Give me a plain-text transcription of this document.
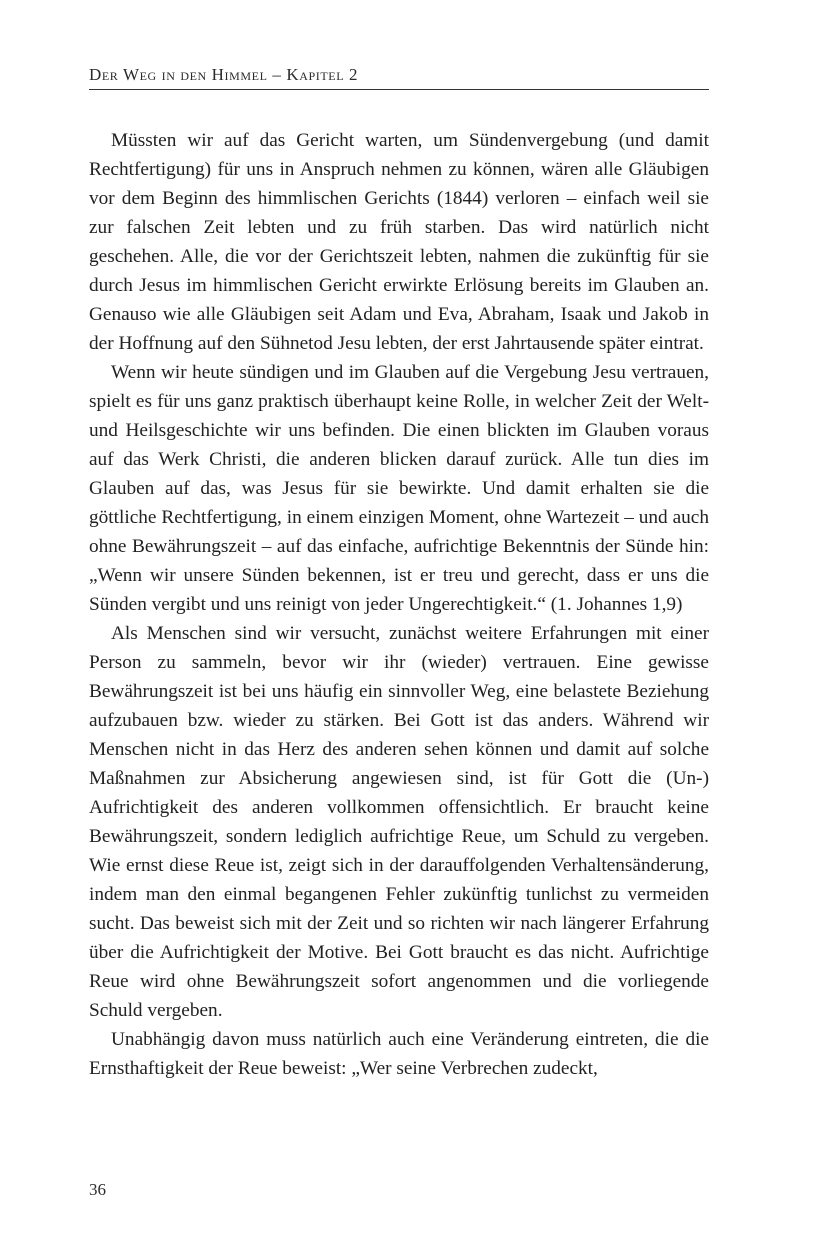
Der Weg in den Himmel – Kapitel 2

Müssten wir auf das Gericht warten, um Sündenvergebung (und damit Rechtfertigung) für uns in Anspruch nehmen zu können, wären alle Gläubigen vor dem Beginn des himmlischen Gerichts (1844) verloren – einfach weil sie zur falschen Zeit lebten und zu früh starben. Das wird natürlich nicht geschehen. Alle, die vor der Gerichtszeit lebten, nahmen die zukünftig für sie durch Jesus im himmlischen Gericht erwirkte Erlösung bereits im Glauben an. Genauso wie alle Gläubigen seit Adam und Eva, Abraham, Isaak und Jakob in der Hoffnung auf den Sühnetod Jesu lebten, der erst Jahrtausende später eintrat.

Wenn wir heute sündigen und im Glauben auf die Vergebung Jesu vertrauen, spielt es für uns ganz praktisch überhaupt keine Rolle, in welcher Zeit der Welt- und Heilsgeschichte wir uns befinden. Die einen blickten im Glauben voraus auf das Werk Christi, die anderen blicken darauf zurück. Alle tun dies im Glauben auf das, was Jesus für sie bewirkte. Und damit erhalten sie die göttliche Rechtfertigung, in einem einzigen Moment, ohne Wartezeit – und auch ohne Bewährungszeit – auf das einfache, aufrichtige Bekenntnis der Sünde hin: „Wenn wir unsere Sünden bekennen, ist er treu und gerecht, dass er uns die Sünden vergibt und uns reinigt von jeder Ungerechtigkeit.“ (1. Johannes 1,9)

Als Menschen sind wir versucht, zunächst weitere Erfahrungen mit einer Person zu sammeln, bevor wir ihr (wieder) vertrauen. Eine gewisse Bewährungszeit ist bei uns häufig ein sinnvoller Weg, eine belastete Beziehung aufzubauen bzw. wieder zu stärken. Bei Gott ist das anders. Während wir Menschen nicht in das Herz des anderen sehen können und damit auf solche Maßnahmen zur Absicherung angewiesen sind, ist für Gott die (Un-) Aufrichtigkeit des anderen vollkommen offensichtlich. Er braucht keine Bewährungszeit, sondern lediglich aufrichtige Reue, um Schuld zu vergeben. Wie ernst diese Reue ist, zeigt sich in der darauffolgenden Verhaltensänderung, indem man den einmal begangenen Fehler zukünftig tunlichst zu vermeiden sucht. Das beweist sich mit der Zeit und so richten wir nach längerer Erfahrung über die Aufrichtigkeit der Motive. Bei Gott braucht es das nicht. Aufrichtige Reue wird ohne Bewährungszeit sofort angenommen und die vorliegende Schuld vergeben.

Unabhängig davon muss natürlich auch eine Veränderung eintreten, die die Ernsthaftigkeit der Reue beweist: „Wer seine Verbrechen zudeckt,

36
